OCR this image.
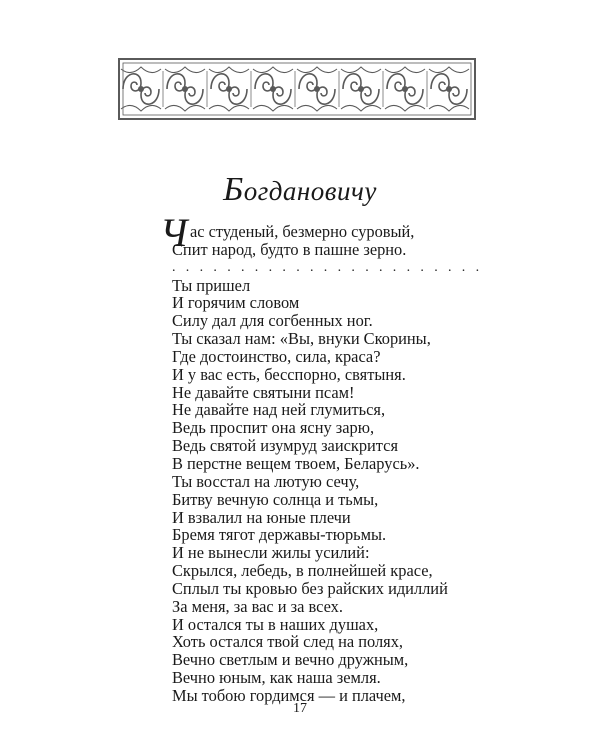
Богдановичу
Ч ас студеный, безмерно суровый,
Спит народ, будто в пашне зерно.
. . . . . . . . . . . . . . . . . . . . . . .
Ты пришел
И горячим словом
Силу дал для согбенных ног.
Ты сказал нам: «Вы, внуки Скорины,
Где достоинство, сила, краса?
И у вас есть, бесспорно, святыня.
Не давайте святыни псам!
Не давайте над ней глумиться,
Ведь проспит она ясну зарю,
Ведь святой изумруд заискрится
В перстне вещем твоем, Беларусь».
Ты восстал на лютую сечу,
Битву вечную солнца и тьмы,
И взвалил на юные плечи
Бремя тягот державы-тюрьмы.
И не вынесли жилы усилий:
Скрылся, лебедь, в полнейшей красе,
Сплыл ты кровью без райских идиллий
За меня, за вас и за всех.
И остался ты в наших душах,
Хоть остался твой след на полях,
Вечно светлым и вечно дружным,
Вечно юным, как наша земля.
Мы тобою гордимся — и плачем,
17
